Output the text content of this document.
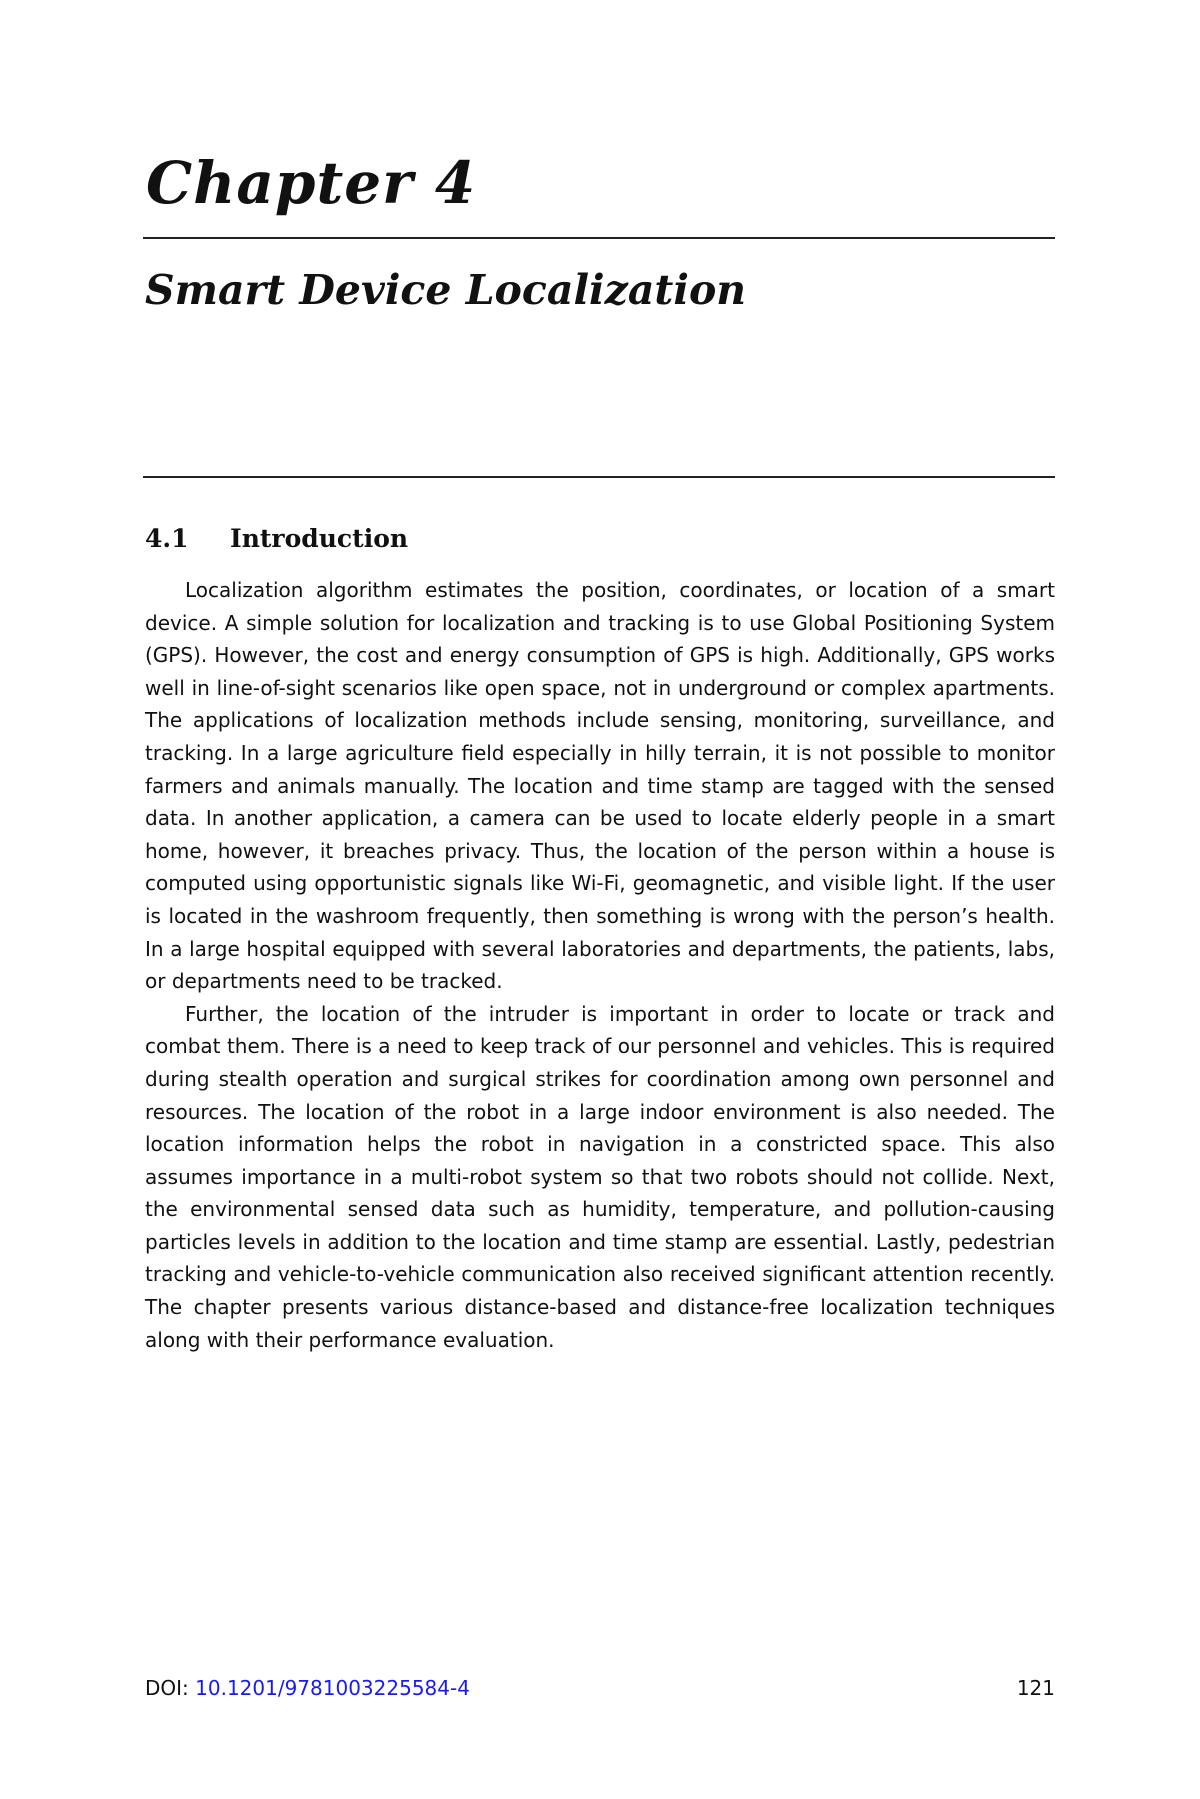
Chapter 4
Smart Device Localization
4.1 Introduction

Localization algorithm estimates the position, coordinates, or location of a smart device. A simple solution for localization and tracking is to use Global Positioning System (GPS). However, the cost and energy consumption of GPS is high. Additionally, GPS works well in line-of-sight scenarios like open space, not in underground or complex apartments. The applications of localization methods include sensing, monitoring, surveillance, and tracking. In a large agriculture field especially in hilly terrain, it is not possible to monitor farmers and animals manually. The location and time stamp are tagged with the sensed data. In another application, a camera can be used to locate elderly people in a smart home, however, it breaches privacy. Thus, the location of the person within a house is computed using opportunistic signals like Wi-Fi, geomagnetic, and visible light. If the user is located in the washroom frequently, then something is wrong with the person’s health. In a large hospital equipped with several laboratories and departments, the patients, labs, or departments need to be tracked.

Further, the location of the intruder is important in order to locate or track and combat them. There is a need to keep track of our personnel and vehicles. This is required during stealth operation and surgical strikes for coordination among own personnel and resources. The location of the robot in a large indoor environment is also needed. The location information helps the robot in navigation in a constricted space. This also assumes importance in a multi-robot system so that two robots should not collide. Next, the environmental sensed data such as humidity, temperature, and pollution-causing particles levels in addition to the location and time stamp are essential. Lastly, pedestrian tracking and vehicle-to-vehicle communication also received significant attention recently. The chapter presents various distance-based and distance-free localization techniques along with their performance evaluation.

DOI: 10.1201/9781003225584-4	121
